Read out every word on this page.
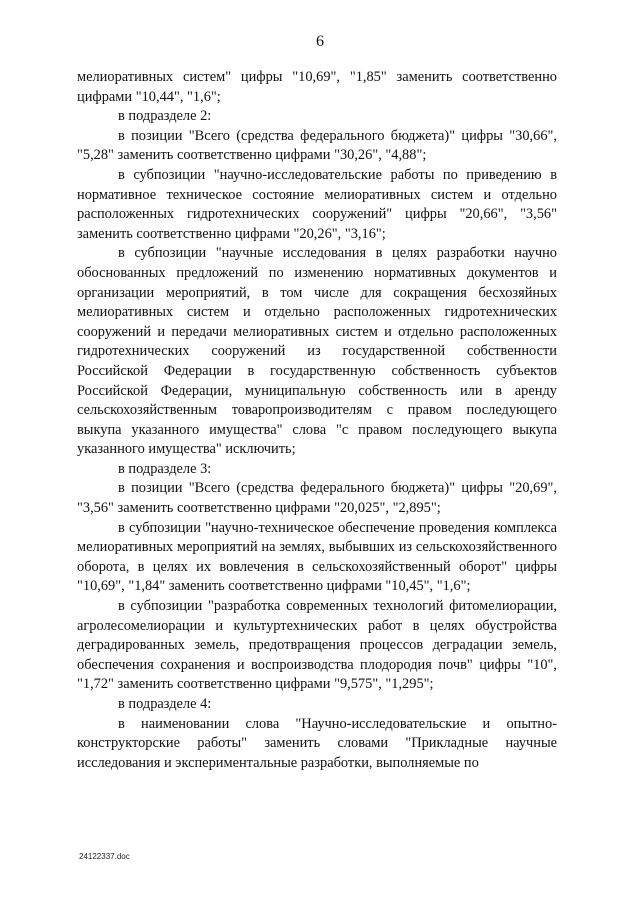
6

мелиоративных систем" цифры "10,69", "1,85" заменить соответственно цифрами "10,44", "1,6";

в подразделе 2:

в позиции "Всего (средства федерального бюджета)" цифры "30,66", "5,28" заменить соответственно цифрами "30,26", "4,88";

в субпозиции "научно-исследовательские работы по приведению в нормативное техническое состояние мелиоративных систем и отдельно расположенных гидротехнических сооружений" цифры "20,66", "3,56" заменить соответственно цифрами "20,26", "3,16";

в субпозиции "научные исследования в целях разработки научно обоснованных предложений по изменению нормативных документов и организации мероприятий, в том числе для сокращения бесхозяйных мелиоративных систем и отдельно расположенных гидротехнических сооружений и передачи мелиоративных систем и отдельно расположенных гидротехнических сооружений из государственной собственности Российской Федерации в государственную собственность субъектов Российской Федерации, муниципальную собственность или в аренду сельскохозяйственным товаропроизводителям с правом последующего выкупа указанного имущества" слова "с правом последующего выкупа указанного имущества" исключить;

в подразделе 3:

в позиции "Всего (средства федерального бюджета)" цифры "20,69", "3,56" заменить соответственно цифрами "20,025", "2,895";

в субпозиции "научно-техническое обеспечение проведения комплекса мелиоративных мероприятий на землях, выбывших из сельскохозяйственного оборота, в целях их вовлечения в сельскохозяйственный оборот" цифры "10,69", "1,84" заменить соответственно цифрами "10,45", "1,6";

в субпозиции "разработка современных технологий фитомелиорации, агролесомелиорации и культуртехнических работ в целях обустройства деградированных земель, предотвращения процессов деградации земель, обеспечения сохранения и воспроизводства плодородия почв" цифры "10", "1,72" заменить соответственно цифрами "9,575", "1,295";

в подразделе 4:

в наименовании слова "Научно-исследовательские и опытно-конструкторские работы" заменить словами "Прикладные научные исследования и экспериментальные разработки, выполняемые по

24122337.doc
